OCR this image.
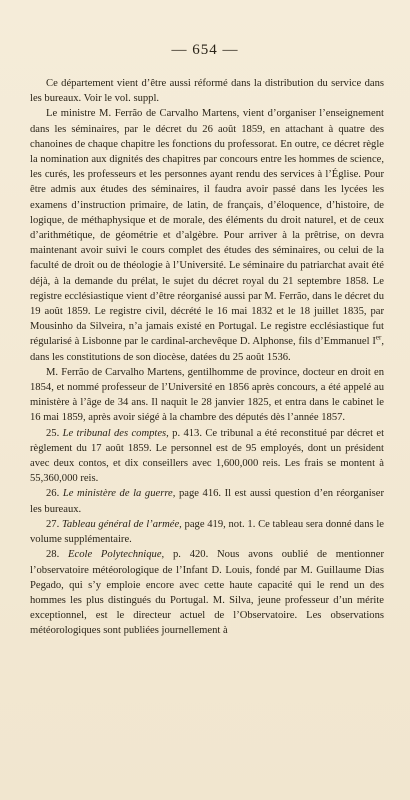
— 654 —

Ce département vient d’être aussi réformé dans la distribution du service dans les bureaux. Voir le vol. suppl.

Le ministre M. Ferrão de Carvalho Martens, vient d’organiser l’enseignement dans les séminaires, par le décret du 26 août 1859, en attachant à quatre des chanoines de chaque chapitre les fonctions du professorat. En outre, ce décret règle la nomination aux dignités des chapitres par concours entre les hommes de science, les curés, les professeurs et les personnes ayant rendu des services à l’Église. Pour être admis aux études des séminaires, il faudra avoir passé dans les lycées les examens d’instruction primaire, de latin, de français, d’éloquence, d’histoire, de logique, de méthaphysique et de morale, des éléments du droit naturel, et de ceux d’arithmétique, de géométrie et d’algèbre. Pour arriver à la prêtrise, on devra maintenant avoir suivi le cours complet des études des séminaires, ou celui de la faculté de droit ou de théologie à l’Université. Le séminaire du patriarchat avait été déjà, à la demande du prélat, le sujet du décret royal du 21 septembre 1858. Le registre ecclésiastique vient d’être réorganisé aussi par M. Ferrão, dans le décret du 19 août 1859. Le registre civil, décrété le 16 mai 1832 et le 18 juillet 1835, par Mousinho da Silveira, n’a jamais existé en Portugal. Le registre ecclésiastique fut régularisé à Lisbonne par le cardinal-archevêque D. Alphonse, fils d’Emmanuel Ier, dans les constitutions de son diocèse, datées du 25 août 1536.

M. Ferrão de Carvalho Martens, gentilhomme de province, docteur en droit en 1854, et nommé professeur de l’Université en 1856 après concours, a été appelé au ministère à l’âge de 34 ans. Il naquit le 28 janvier 1825, et entra dans le cabinet le 16 mai 1859, après avoir siégé à la chambre des députés dès l’année 1857.

25. Le tribunal des comptes, p. 413. Ce tribunal a été reconstitué par décret et règlement du 17 août 1859. Le personnel est de 95 employés, dont un président avec deux contos, et dix conseillers avec 1,600,000 reis. Les frais se montent à 55,360,000 reis.

26. Le ministère de la guerre, page 416. Il est aussi question d’en réorganiser les bureaux.

27. Tableau général de l’armée, page 419, not. 1. Ce tableau sera donné dans le volume supplémentaire.

28. Ecole Polytechnique, p. 420. Nous avons oublié de mentionner l’observatoire météorologique de l’Infant D. Louis, fondé par M. Guillaume Dias Pegado, qui s’y emploie encore avec cette haute capacité qui le rend un des hommes les plus distingués du Portugal. M. Silva, jeune professeur d’un mérite exceptionnel, est le directeur actuel de l’Observatoire. Les observations météorologiques sont publiées journellement à
